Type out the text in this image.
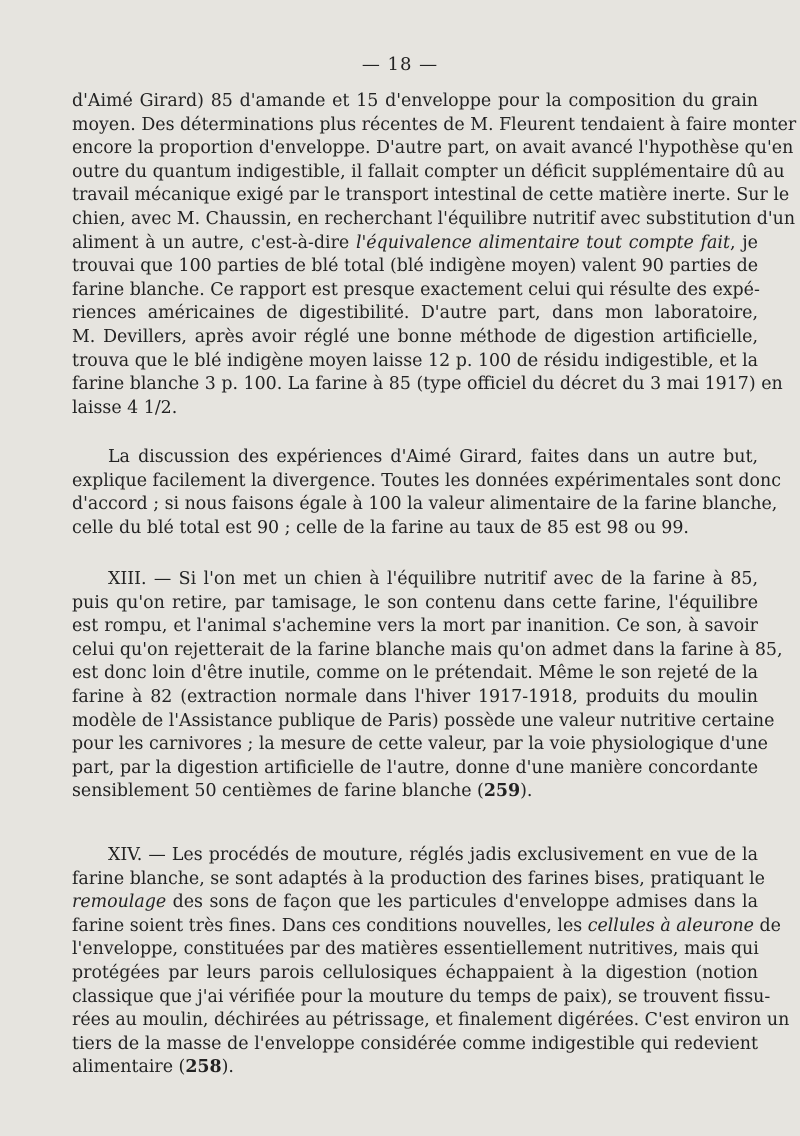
— 18 —
d'Aimé Girard) 85 d'amande et 15 d'enveloppe pour la composition du grain
moyen. Des déterminations plus récentes de M. Fleurent tendaient à faire monter
encore la proportion d'enveloppe. D'autre part, on avait avancé l'hypothèse qu'en
outre du quantum indigestible, il fallait compter un déficit supplémentaire dû au
travail mécanique exigé par le transport intestinal de cette matière inerte. Sur le
chien, avec M. Chaussin, en recherchant l'équilibre nutritif avec substitution d'un
aliment à un autre, c'est-à-dire l'équivalence alimentaire tout compte fait, je
trouvai que 100 parties de blé total (blé indigène moyen) valent 90 parties de
farine blanche. Ce rapport est presque exactement celui qui résulte des expé-
riences américaines de digestibilité. D'autre part, dans mon laboratoire,
M. Devillers, après avoir réglé une bonne méthode de digestion artificielle,
trouva que le blé indigène moyen laisse 12 p. 100 de résidu indigestible, et la
farine blanche 3 p. 100. La farine à 85 (type officiel du décret du 3 mai 1917) en
laisse 4 1/2.
La discussion des expériences d'Aimé Girard, faites dans un autre but,
explique facilement la divergence. Toutes les données expérimentales sont donc
d'accord ; si nous faisons égale à 100 la valeur alimentaire de la farine blanche,
celle du blé total est 90 ; celle de la farine au taux de 85 est 98 ou 99.
XIII. — Si l'on met un chien à l'équilibre nutritif avec de la farine à 85,
puis qu'on retire, par tamisage, le son contenu dans cette farine, l'équilibre
est rompu, et l'animal s'achemine vers la mort par inanition. Ce son, à savoir
celui qu'on rejetterait de la farine blanche mais qu'on admet dans la farine à 85,
est donc loin d'être inutile, comme on le prétendait. Même le son rejeté de la
farine à 82 (extraction normale dans l'hiver 1917-1918, produits du moulin
modèle de l'Assistance publique de Paris) possède une valeur nutritive certaine
pour les carnivores ; la mesure de cette valeur, par la voie physiologique d'une
part, par la digestion artificielle de l'autre, donne d'une manière concordante
sensiblement 50 centièmes de farine blanche (259).
XIV. — Les procédés de mouture, réglés jadis exclusivement en vue de la
farine blanche, se sont adaptés à la production des farines bises, pratiquant le
remoulage des sons de façon que les particules d'enveloppe admises dans la
farine soient très fines. Dans ces conditions nouvelles, les cellules à aleurone de
l'enveloppe, constituées par des matières essentiellement nutritives, mais qui
protégées par leurs parois cellulosiques échappaient à la digestion (notion
classique que j'ai vérifiée pour la mouture du temps de paix), se trouvent fissu-
rées au moulin, déchirées au pétrissage, et finalement digérées. C'est environ un
tiers de la masse de l'enveloppe considérée comme indigestible qui redevient
alimentaire (258).
